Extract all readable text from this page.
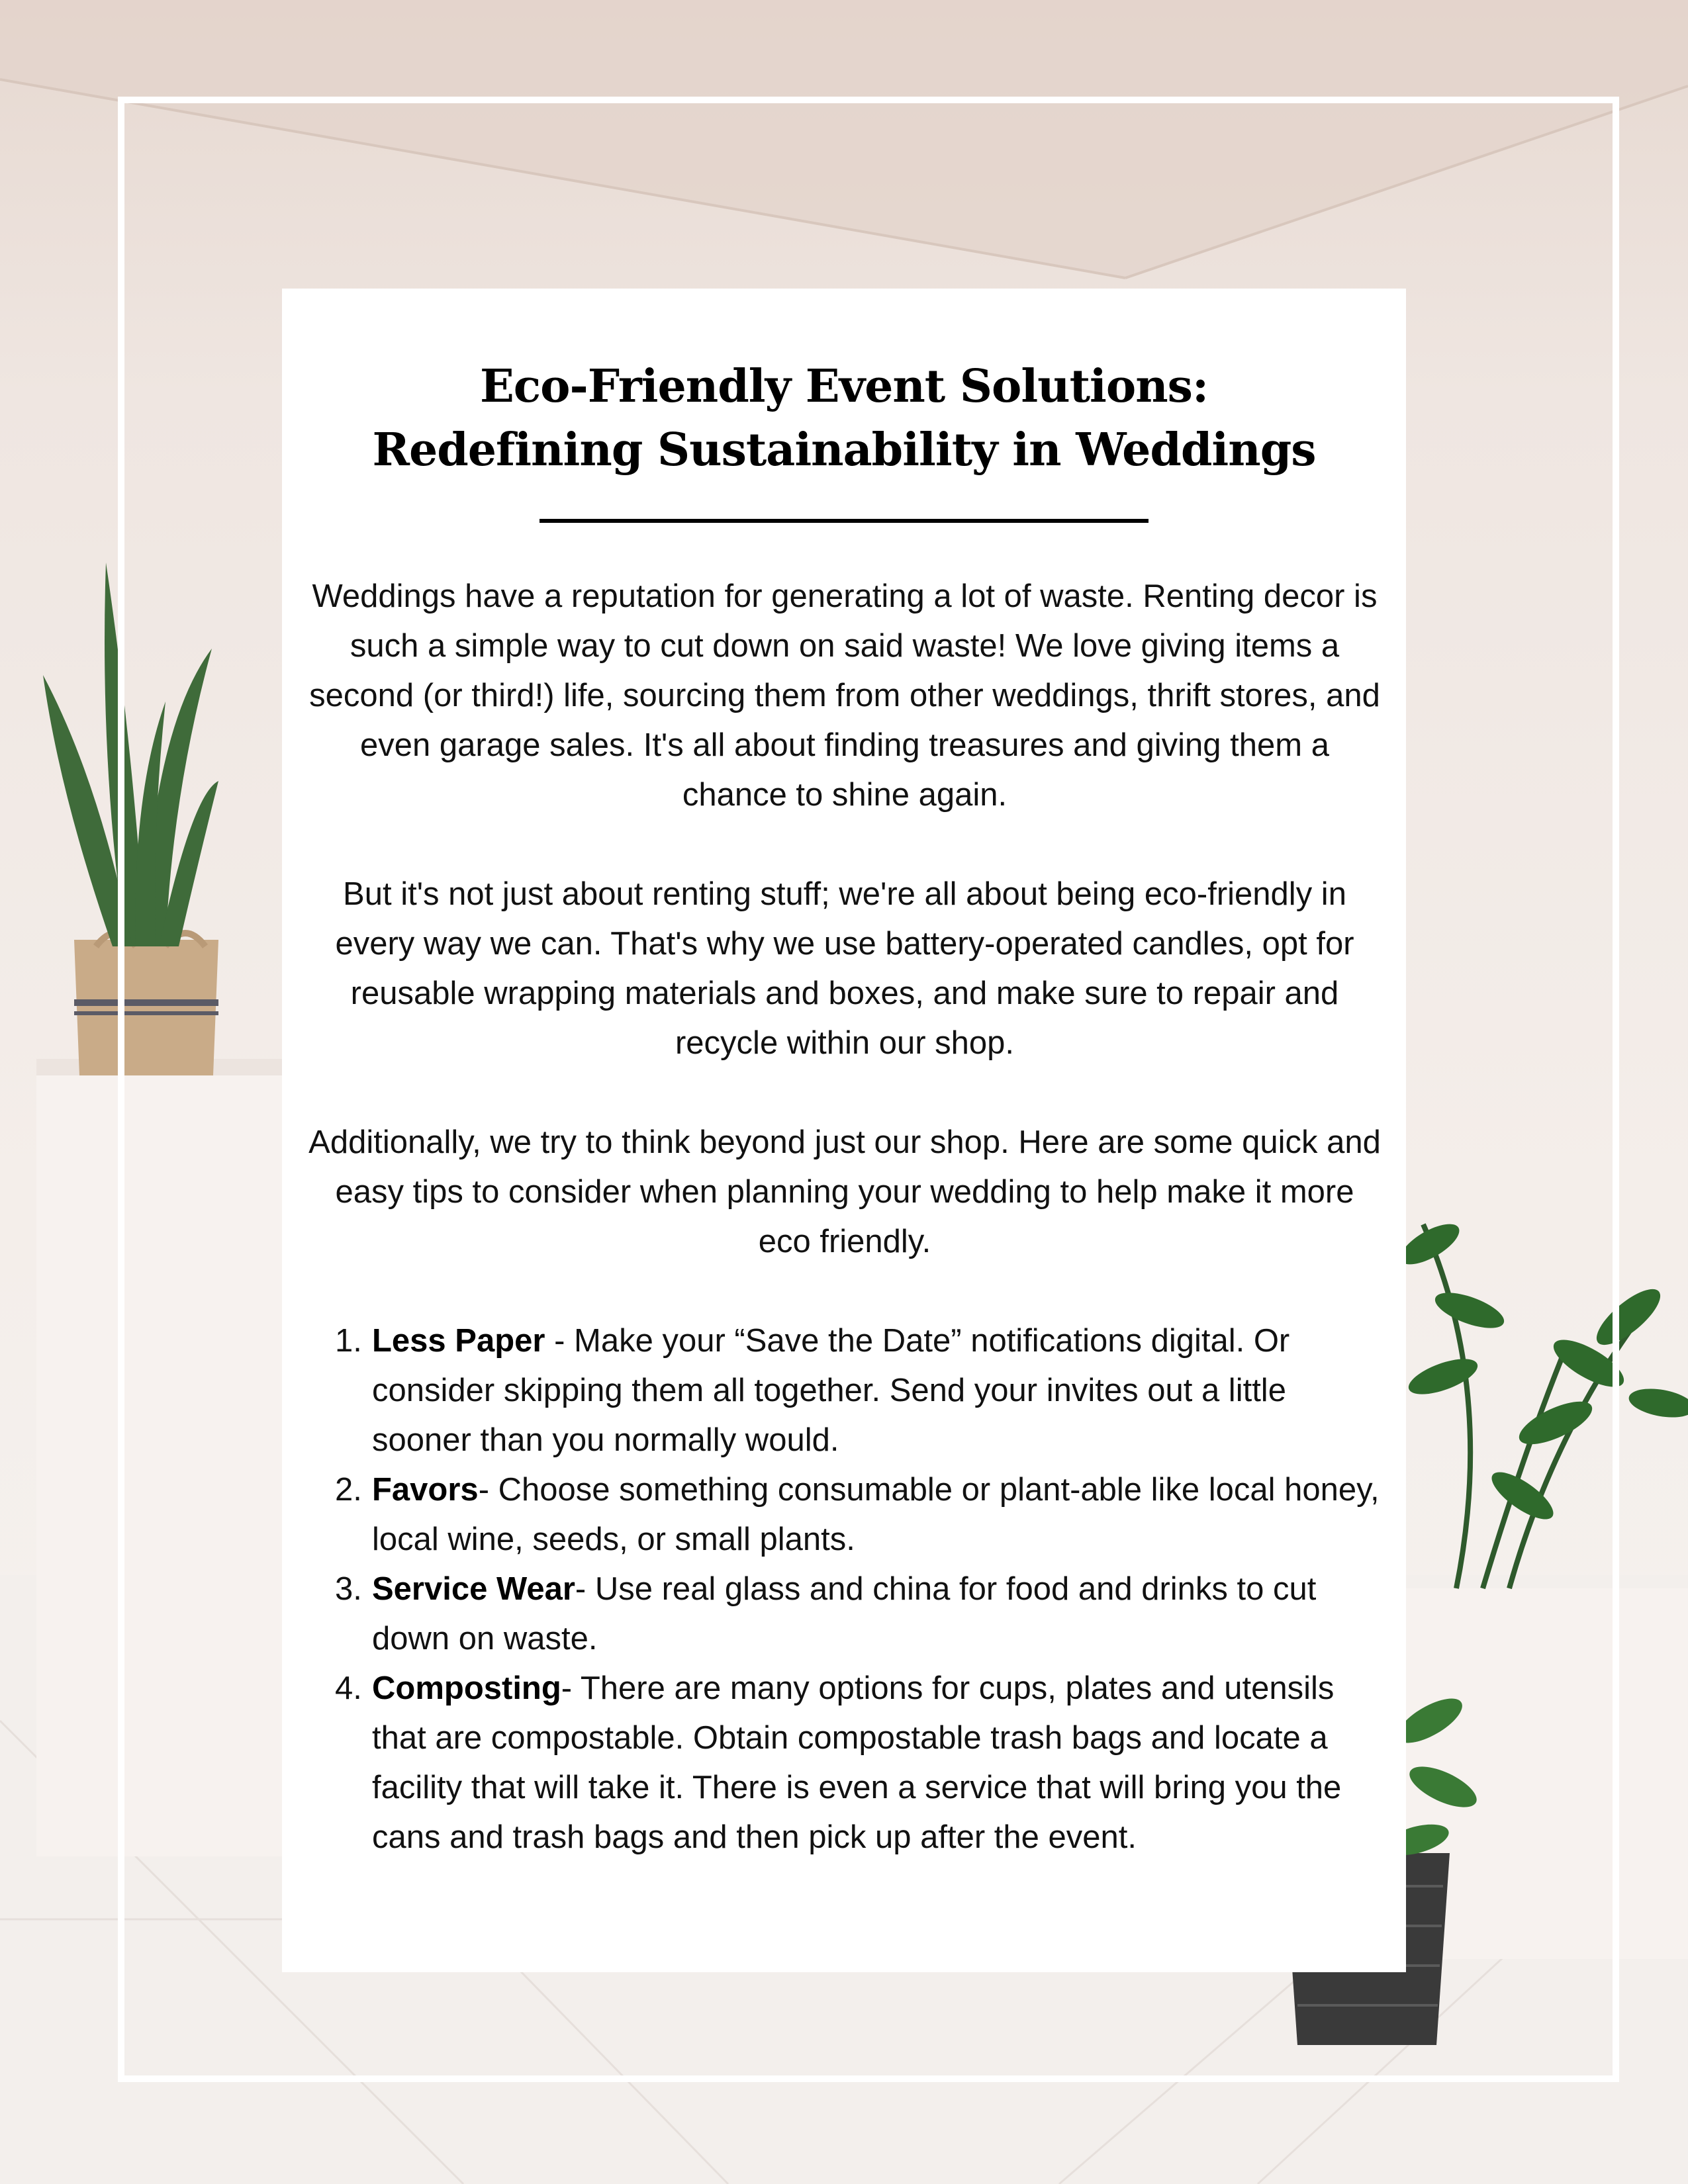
Eco-Friendly Event Solutions: Redefining Sustainability in Weddings

Weddings have a reputation for generating a lot of waste. Renting decor is such a simple way to cut down on said waste! We love giving items a second (or third!) life, sourcing them from other weddings, thrift stores, and even garage sales. It's all about finding treasures and giving them a chance to shine again.

But it's not just about renting stuff; we're all about being eco-friendly in every way we can. That's why we use battery-operated candles, opt for reusable wrapping materials and boxes, and make sure to repair and recycle within our shop.

Additionally, we try to think beyond just our shop. Here are some quick and easy tips to consider when planning your wedding to help make it more eco friendly.

1. Less Paper - Make your “Save the Date” notifications digital. Or consider skipping them all together. Send your invites out a little sooner than you normally would.
2. Favors- Choose something consumable or plant-able like local honey, local wine, seeds, or small plants.
3. Service Wear- Use real glass and china for food and drinks to cut down on waste.
4. Composting- There are many options for cups, plates and utensils that are compostable. Obtain compostable trash bags and locate a facility that will take it. There is even a service that will bring you the cans and trash bags and then pick up after the event.
